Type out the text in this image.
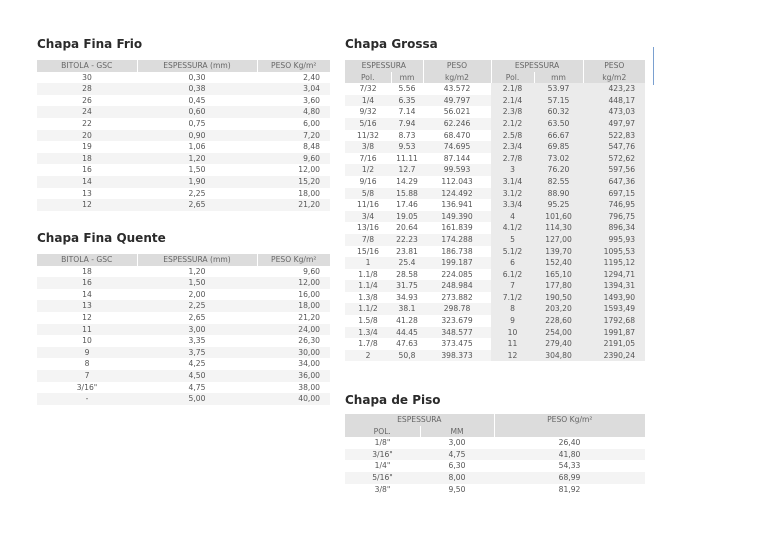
Chapa Fina Frio
BITOLA - GSC	ESPESSURA (mm)	PESO Kg/m²
30	0,30	2,40
28	0,38	3,04
26	0,45	3,60
24	0,60	4,80
22	0,75	6,00
20	0,90	7,20
19	1,06	8,48
18	1,20	9,60
16	1,50	12,00
14	1,90	15,20
13	2,25	18,00
12	2,65	21,20
Chapa Fina Quente
BITOLA - GSC	ESPESSURA (mm)	PESO Kg/m²
18	1,20	9,60
16	1,50	12,00
14	2,00	16,00
13	2,25	18,00
12	2,65	21,20
11	3,00	24,00
10	3,35	26,30
9	3,75	30,00
8	4,25	34,00
7	4,50	36,00
3/16"	4,75	38,00
-	5,00	40,00
Chapa Grossa
ESPESSURA		PESO	ESPESSURA		PESO
Pol.	mm	kg/m2	Pol.	mm	kg/m2
7/32	5.56	43.572	2.1/8	53.97	423,23
1/4	6.35	49.797	2.1/4	57.15	448,17
9/32	7.14	56.021	2.3/8	60.32	473,03
5/16	7.94	62.246	2.1/2	63.50	497,97
11/32	8.73	68.470	2.5/8	66.67	522,83
3/8	9.53	74.695	2.3/4	69.85	547,76
7/16	11.11	87.144	2.7/8	73.02	572,62
1/2	12.7	99.593	3	76.20	597,56
9/16	14.29	112.043	3.1/4	82.55	647,36
5/8	15.88	124.492	3.1/2	88.90	697,15
11/16	17.46	136.941	3.3/4	95.25	746,95
3/4	19.05	149.390	4	101,60	796,75
13/16	20.64	161.839	4.1/2	114,30	896,34
7/8	22.23	174.288	5	127,00	995,93
15/16	23.81	186.738	5.1/2	139,70	1095,53
1	25.4	199.187	6	152,40	1195,12
1.1/8	28.58	224.085	6.1/2	165,10	1294,71
1.1/4	31.75	248.984	7	177,80	1394,31
1.3/8	34.93	273.882	7.1/2	190,50	1493,90
1.1/2	38.1	298.78	8	203,20	1593,49
1.5/8	41.28	323.679	9	228,60	1792,68
1.3/4	44.45	348.577	10	254,00	1991,87
1.7/8	47.63	373.475	11	279,40	2191,05
2	50,8	398.373	12	304,80	2390,24
Chapa de Piso
ESPESSURA		PESO Kg/m²
POL.	MM	
1/8"	3,00	26,40
3/16"	4,75	41,80
1/4"	6,30	54,33
5/16"	8,00	68,99
3/8"	9,50	81,92
